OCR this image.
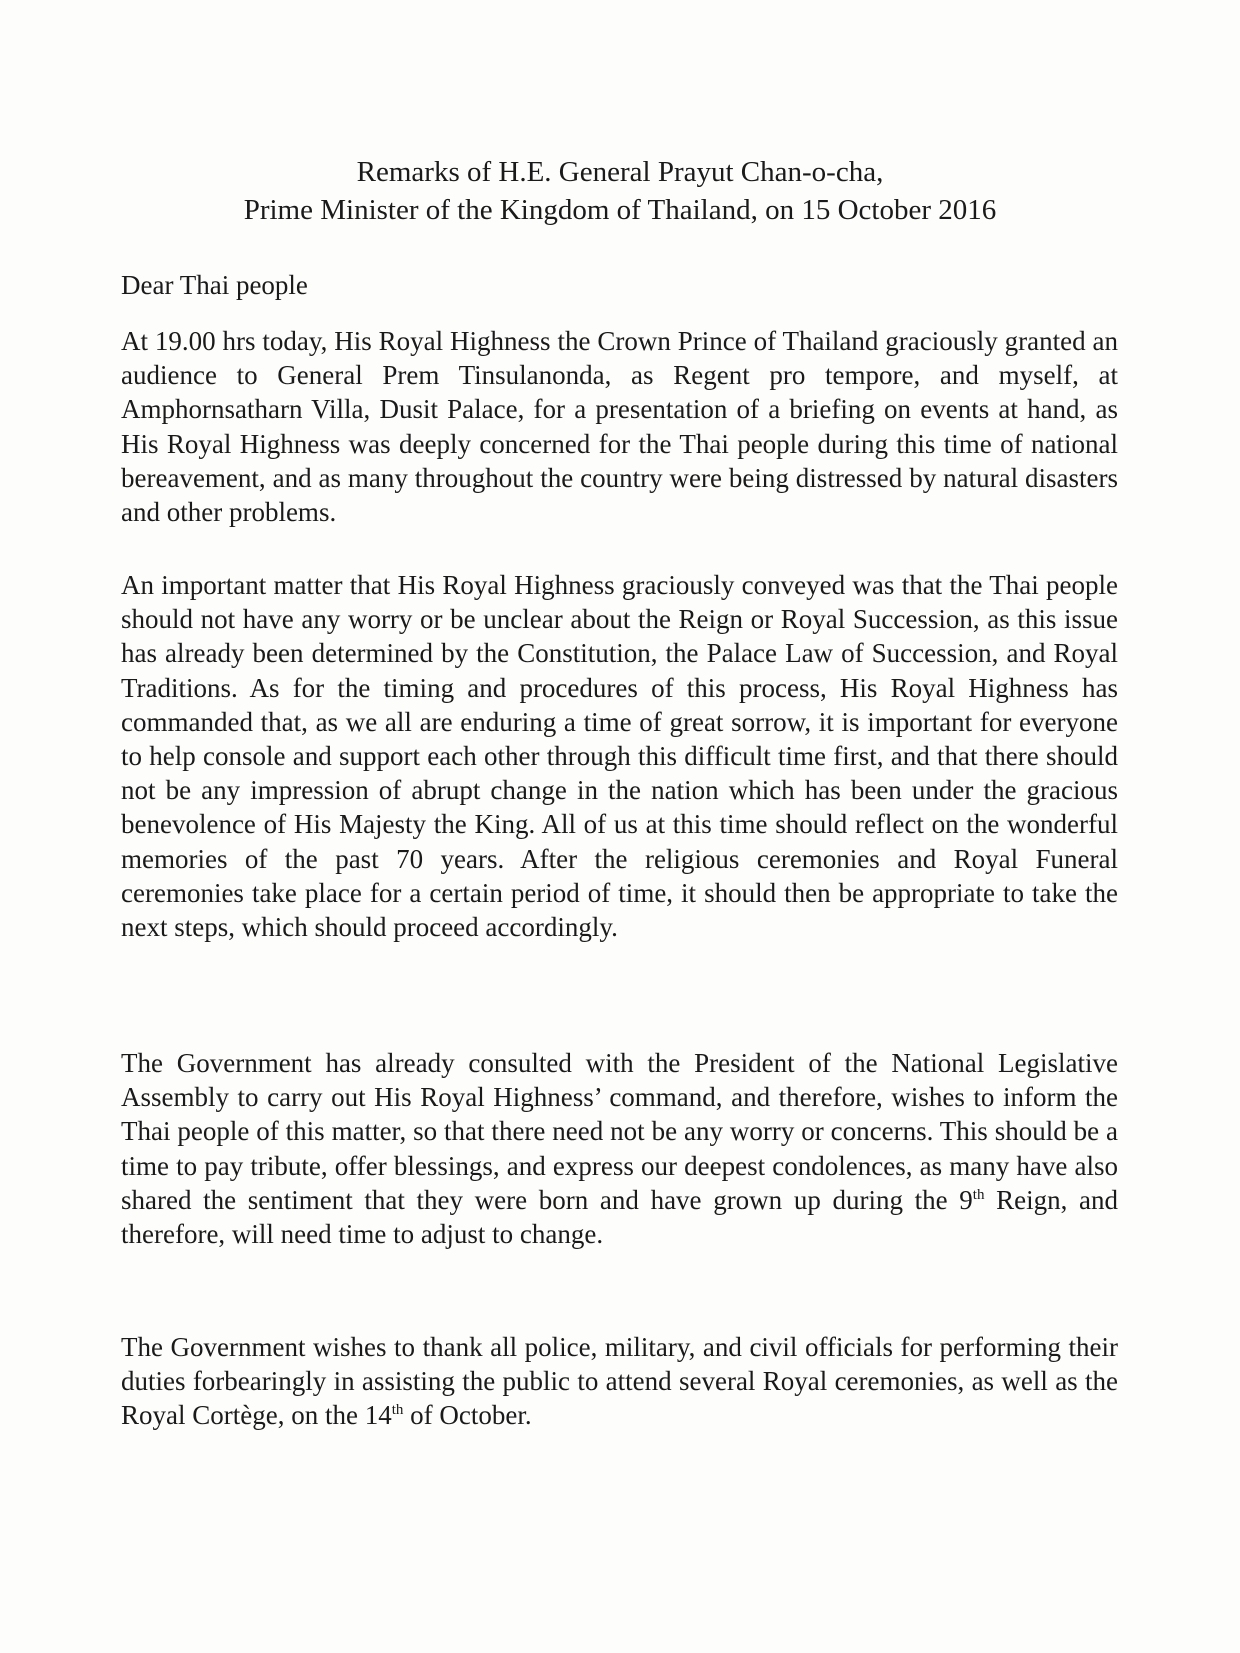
Remarks of H.E. General Prayut Chan-o-cha,
Prime Minister of the Kingdom of Thailand, on 15 October 2016
Dear Thai people

At 19.00 hrs today, His Royal Highness the Crown Prince of Thailand graciously granted an audience to General Prem Tinsulanonda, as Regent pro tempore, and myself, at Amphornsatharn Villa, Dusit Palace, for a presentation of a briefing on events at hand, as His Royal Highness was deeply concerned for the Thai people during this time of national bereavement, and as many throughout the country were being distressed by natural disasters and other problems.

An important matter that His Royal Highness graciously conveyed was that the Thai people should not have any worry or be unclear about the Reign or Royal Succession, as this issue has already been determined by the Constitution, the Palace Law of Succession, and Royal Traditions. As for the timing and procedures of this process, His Royal Highness has commanded that, as we all are enduring a time of great sorrow, it is important for everyone to help console and support each other through this difficult time first, and that there should not be any impression of abrupt change in the nation which has been under the gracious benevolence of His Majesty the King. All of us at this time should reflect on the wonderful memories of the past 70 years. After the religious ceremonies and Royal Funeral ceremonies take place for a certain period of time, it should then be appropriate to take the next steps, which should proceed accordingly.

The Government has already consulted with the President of the National Legislative Assembly to carry out His Royal Highness’ command, and therefore, wishes to inform the Thai people of this matter, so that there need not be any worry or concerns. This should be a time to pay tribute, offer blessings, and express our deepest condolences, as many have also shared the sentiment that they were born and have grown up during the 9th Reign, and therefore, will need time to adjust to change.

The Government wishes to thank all police, military, and civil officials for performing their duties forbearingly in assisting the public to attend several Royal ceremonies, as well as the Royal Cortège, on the 14th of October.
